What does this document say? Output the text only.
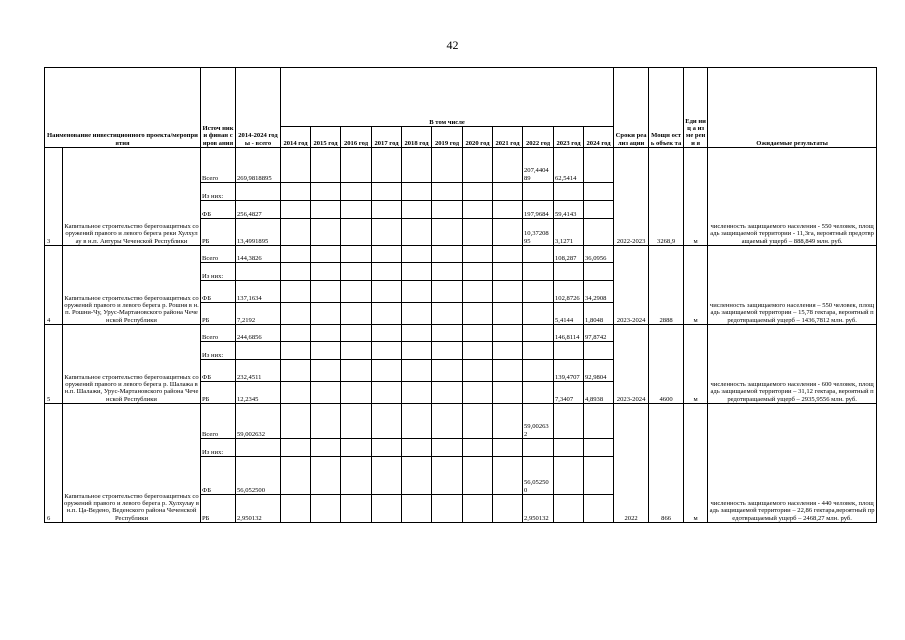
42
Наименование инвестиционного проекта/мероприятия		Источ ники финан сиров ания	2014-2024 годы - всего	В том числе											Сроки реализ ации	Мощн ость объек та	Еди ниц а изме рени я	Ожидаемые результаты
				2014 год	2015 год	2016 год	2017 год	2018 год	2019 год	2020 год	2021 год	2022 год	2023 год	2024 год				
3	Капитальное строительство берегозащитных сооружений правого и левого берега реки Хулхулау в н.п. Автуры Чеченской Республики	Всего	269,9818895									207,440489	62,5414		2022-2023	3268,9	м	численность защищаемого населения - 550 человек, площадь защищаемой территории - 11,3га, вероятный предотвращаемый ущерб – 888,849 млн. руб.
		Из них:																
		ФБ	256,4827									197,9684	59,4143					
		РБ	13,4991895									10,3720895	3,1271					
4	Капитальное строительство берегозащитных сооружений правого и левого берега р. Рошня в н.п. Рошни-Чу, Урус-Мартановского района Чеченской Республики	Всего	144,3826										108,287	36,0956	2023-2024	2888	м	численность защищаемого населения – 550 человек, площадь защищаемой территории – 15,78 гектара, вероятный предотвращаемый ущерб – 1436,7812 млн. руб.
		Из них:																
		ФБ	137,1634										102,8726	34,2908				
		РБ	7,2192										5,4144	1,8048				
5	Капитальное строительство берегозащитных сооружений правого и левого берега р. Шалажа в н.п. Шалажи, Урус-Мартановского района Чеченской Республики	Всего	244,6856										146,8114	97,8742	2023-2024	4600	м	численность защищаемого населения - 600 человек, площадь защищаемой территории – 31,12 гектара, вероятный предотвращаемый ущерб – 2935,9556 млн. руб.
		Из них:																
		ФБ	232,4511										139,4707	92,9804				
		РБ	12,2345										7,3407	4,8938				
6	Капитальное строительство берегозащитных сооружений правого и левого берега р. Хулхулау в н.п. Ца-Ведено, Веденского района Чеченской Республики	Всего	59,002632									59,002632			2022	866	м	численность защищаемого населения - 440 человек, площадь защищаемой территории – 22,86 гектара,вероятный предотвращаемый ущерб – 2468,27 млн. руб.
		Из них:																
		ФБ	56,052500									56,052500						
		РБ	2,950132									2,950132						
